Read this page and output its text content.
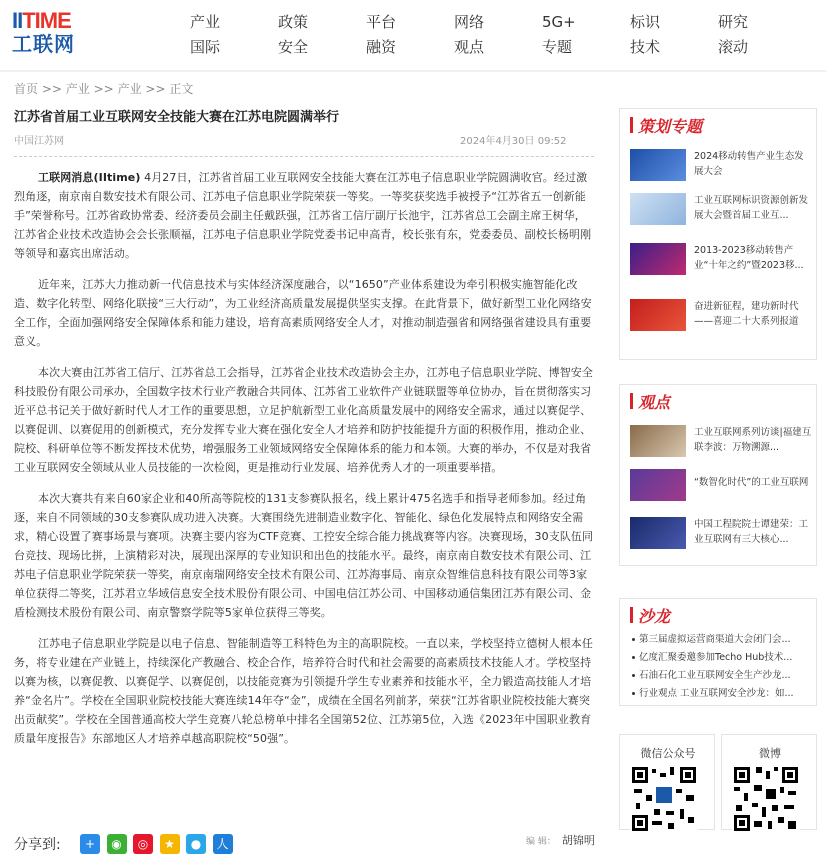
IITIME
工联网
产业
国际
政策
安全
平台
融资
网络
观点
5G+
专题
标识
技术
研究
滚动
首页 >> 产业 >> 产业 >> 正文
江苏省首届工业互联网安全技能大赛在江苏电院圆满举行
中国江苏网	2024年4月30日 09:52

工联网消息(IItime) 4月27日，江苏省首届工业互联网安全技能大赛在江苏电子信息职业学院圆满收官。经过激烈角逐，南京南自数安技术有限公司、江苏电子信息职业学院荣获一等奖。一等奖获奖选手被授予“江苏省五一创新能手”荣誉称号。江苏省政协常委、经济委员会副主任戴跃强，江苏省工信厅副厅长池宇，江苏省总工会副主席王树华，江苏省企业技术改造协会会长张顺福，江苏电子信息职业学院党委书记申高青，校长张有东，党委委员、副校长杨明刚等领导和嘉宾出席活动。

近年来，江苏大力推动新一代信息技术与实体经济深度融合，以“1650”产业体系建设为牵引积极实施智能化改造、数字化转型、网络化联接“三大行动”，为工业经济高质量发展提供坚实支撑。在此背景下，做好新型工业化网络安全工作，全面加强网络安全保障体系和能力建设，培育高素质网络安全人才，对推动制造强省和网络强省建设具有重要意义。

本次大赛由江苏省工信厅、江苏省总工会指导，江苏省企业技术改造协会主办，江苏电子信息职业学院、博智安全科技股份有限公司承办，全国数字技术行业产教融合共同体、江苏省工业软件产业链联盟等单位协办，旨在贯彻落实习近平总书记关于做好新时代人才工作的重要思想，立足护航新型工业化高质量发展中的网络安全需求，通过以赛促学、以赛促训、以赛促用的创新模式，充分发挥专业大赛在强化安全人才培养和防护技能提升方面的积极作用，推动企业、院校、科研单位等不断发挥技术优势，增强服务工业领域网络安全保障体系的能力和本领。大赛的举办，不仅是对我省工业互联网安全领域从业人员技能的一次检阅，更是推动行业发展、培养优秀人才的一项重要举措。

本次大赛共有来自60家企业和40所高等院校的131支参赛队报名，线上累计475名选手和指导老师参加。经过角逐，来自不同领域的30支参赛队成功进入决赛。大赛围绕先进制造业数字化、智能化、绿色化发展特点和网络安全需求，精心设置了赛事场景与赛项。决赛主要内容为CTF竞赛、工控安全综合能力挑战赛等内容。决赛现场，30支队伍同台竞技、现场比拼，上演精彩对决，展现出深厚的专业知识和出色的技能水平。最终，南京南自数安技术有限公司、江苏电子信息职业学院荣获一等奖，南京南瑞网络安全技术有限公司、江苏海事局、南京众智维信息科技有限公司等3家单位获得二等奖，江苏君立华域信息安全技术股份有限公司、中国电信江苏公司、中国移动通信集团江苏有限公司、金盾检测技术股份有限公司、南京警察学院等5家单位获得三等奖。

江苏电子信息职业学院是以电子信息、智能制造等工科特色为主的高职院校。一直以来，学校坚持立德树人根本任务，将专业建在产业链上，持续深化产教融合、校企合作，培养符合时代和社会需要的高素质技术技能人才。学校坚持以赛为核，以赛促教、以赛促学、以赛促创，以技能竞赛为引领提升学生专业素养和技能水平，全力锻造高技能人才培养“金名片”。学校在全国职业院校技能大赛连续14年夺“金”，成绩在全国名列前茅，荣获“江苏省职业院校技能大赛突出贡献奖”。学校在全国普通高校大学生竞赛八轮总榜单中排名全国第52位、江苏第5位，入选《2023年中国职业教育质量年度报告》东部地区人才培养卓越高职院校“50强”。

分享到:	+ ◉ ◎ ★ ● 人	编 辑： 胡锦明
策划专题
2024移动转售产业生态发展大会
工业互联网标识资源创新发展大会暨首届工业互...
2013-2023移动转售产业“十年之约”暨2023移...
奋进新征程，建功新时代——喜迎二十大系列报道
观点
工业互联网系列访谈|福建互联李波：万物溯源...
“数智化时代”的工业互联网
中国工程院院士谭建荣：工业互联网有三大核心...
沙龙
第三届虚拟运营商渠道大会闭门会...
亿度汇聚委邀参加Techo Hub技术...
石油石化工业互联网安全生产沙龙...
行业观点 工业互联网安全沙龙：如...
微信公众号	微博
